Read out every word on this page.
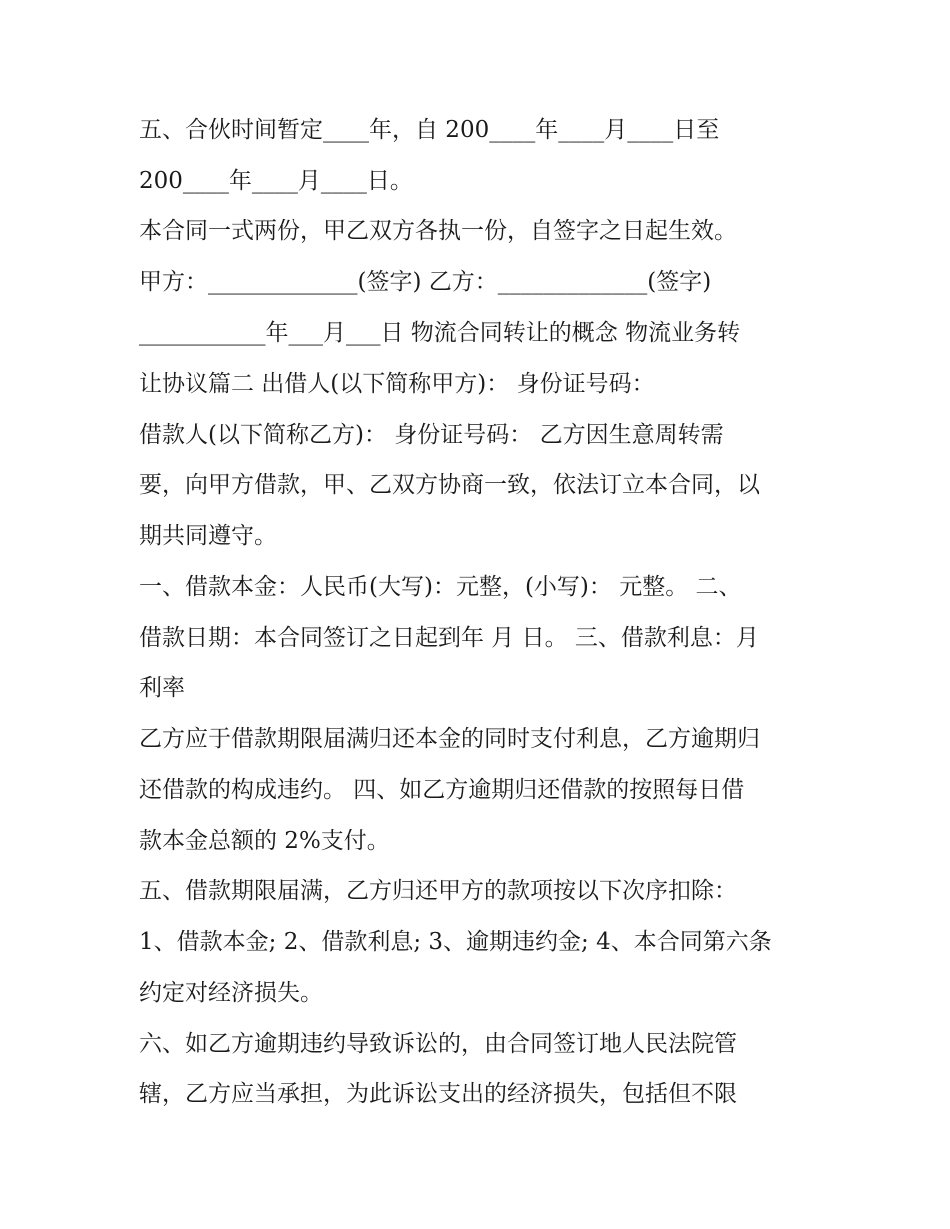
五、合伙时间暂定____年，自 200____年____月____日至
200____年____月____日。
本合同一式两份，甲乙双方各执一份，自签字之日起生效。
甲方：_____________(签字) 乙方：_____________(签字)
___________年___月___日 物流合同转让的概念 物流业务转
让协议篇二 出借人(以下简称甲方)： 身份证号码：
借款人(以下简称乙方)： 身份证号码： 乙方因生意周转需
要，向甲方借款，甲、乙双方协商一致，依法订立本合同，以
期共同遵守。
一、借款本金：人民币(大写)：元整，(小写)： 元整。 二、
借款日期：本合同签订之日起到年 月 日。 三、借款利息：月
利率
乙方应于借款期限届满归还本金的同时支付利息，乙方逾期归
还借款的构成违约。 四、如乙方逾期归还借款的按照每日借
款本金总额的 2%支付。
五、借款期限届满，乙方归还甲方的款项按以下次序扣除：
1、借款本金; 2、借款利息; 3、逾期违约金; 4、本合同第六条
约定对经济损失。
六、如乙方逾期违约导致诉讼的，由合同签订地人民法院管
辖，乙方应当承担，为此诉讼支出的经济损失，包括但不限
